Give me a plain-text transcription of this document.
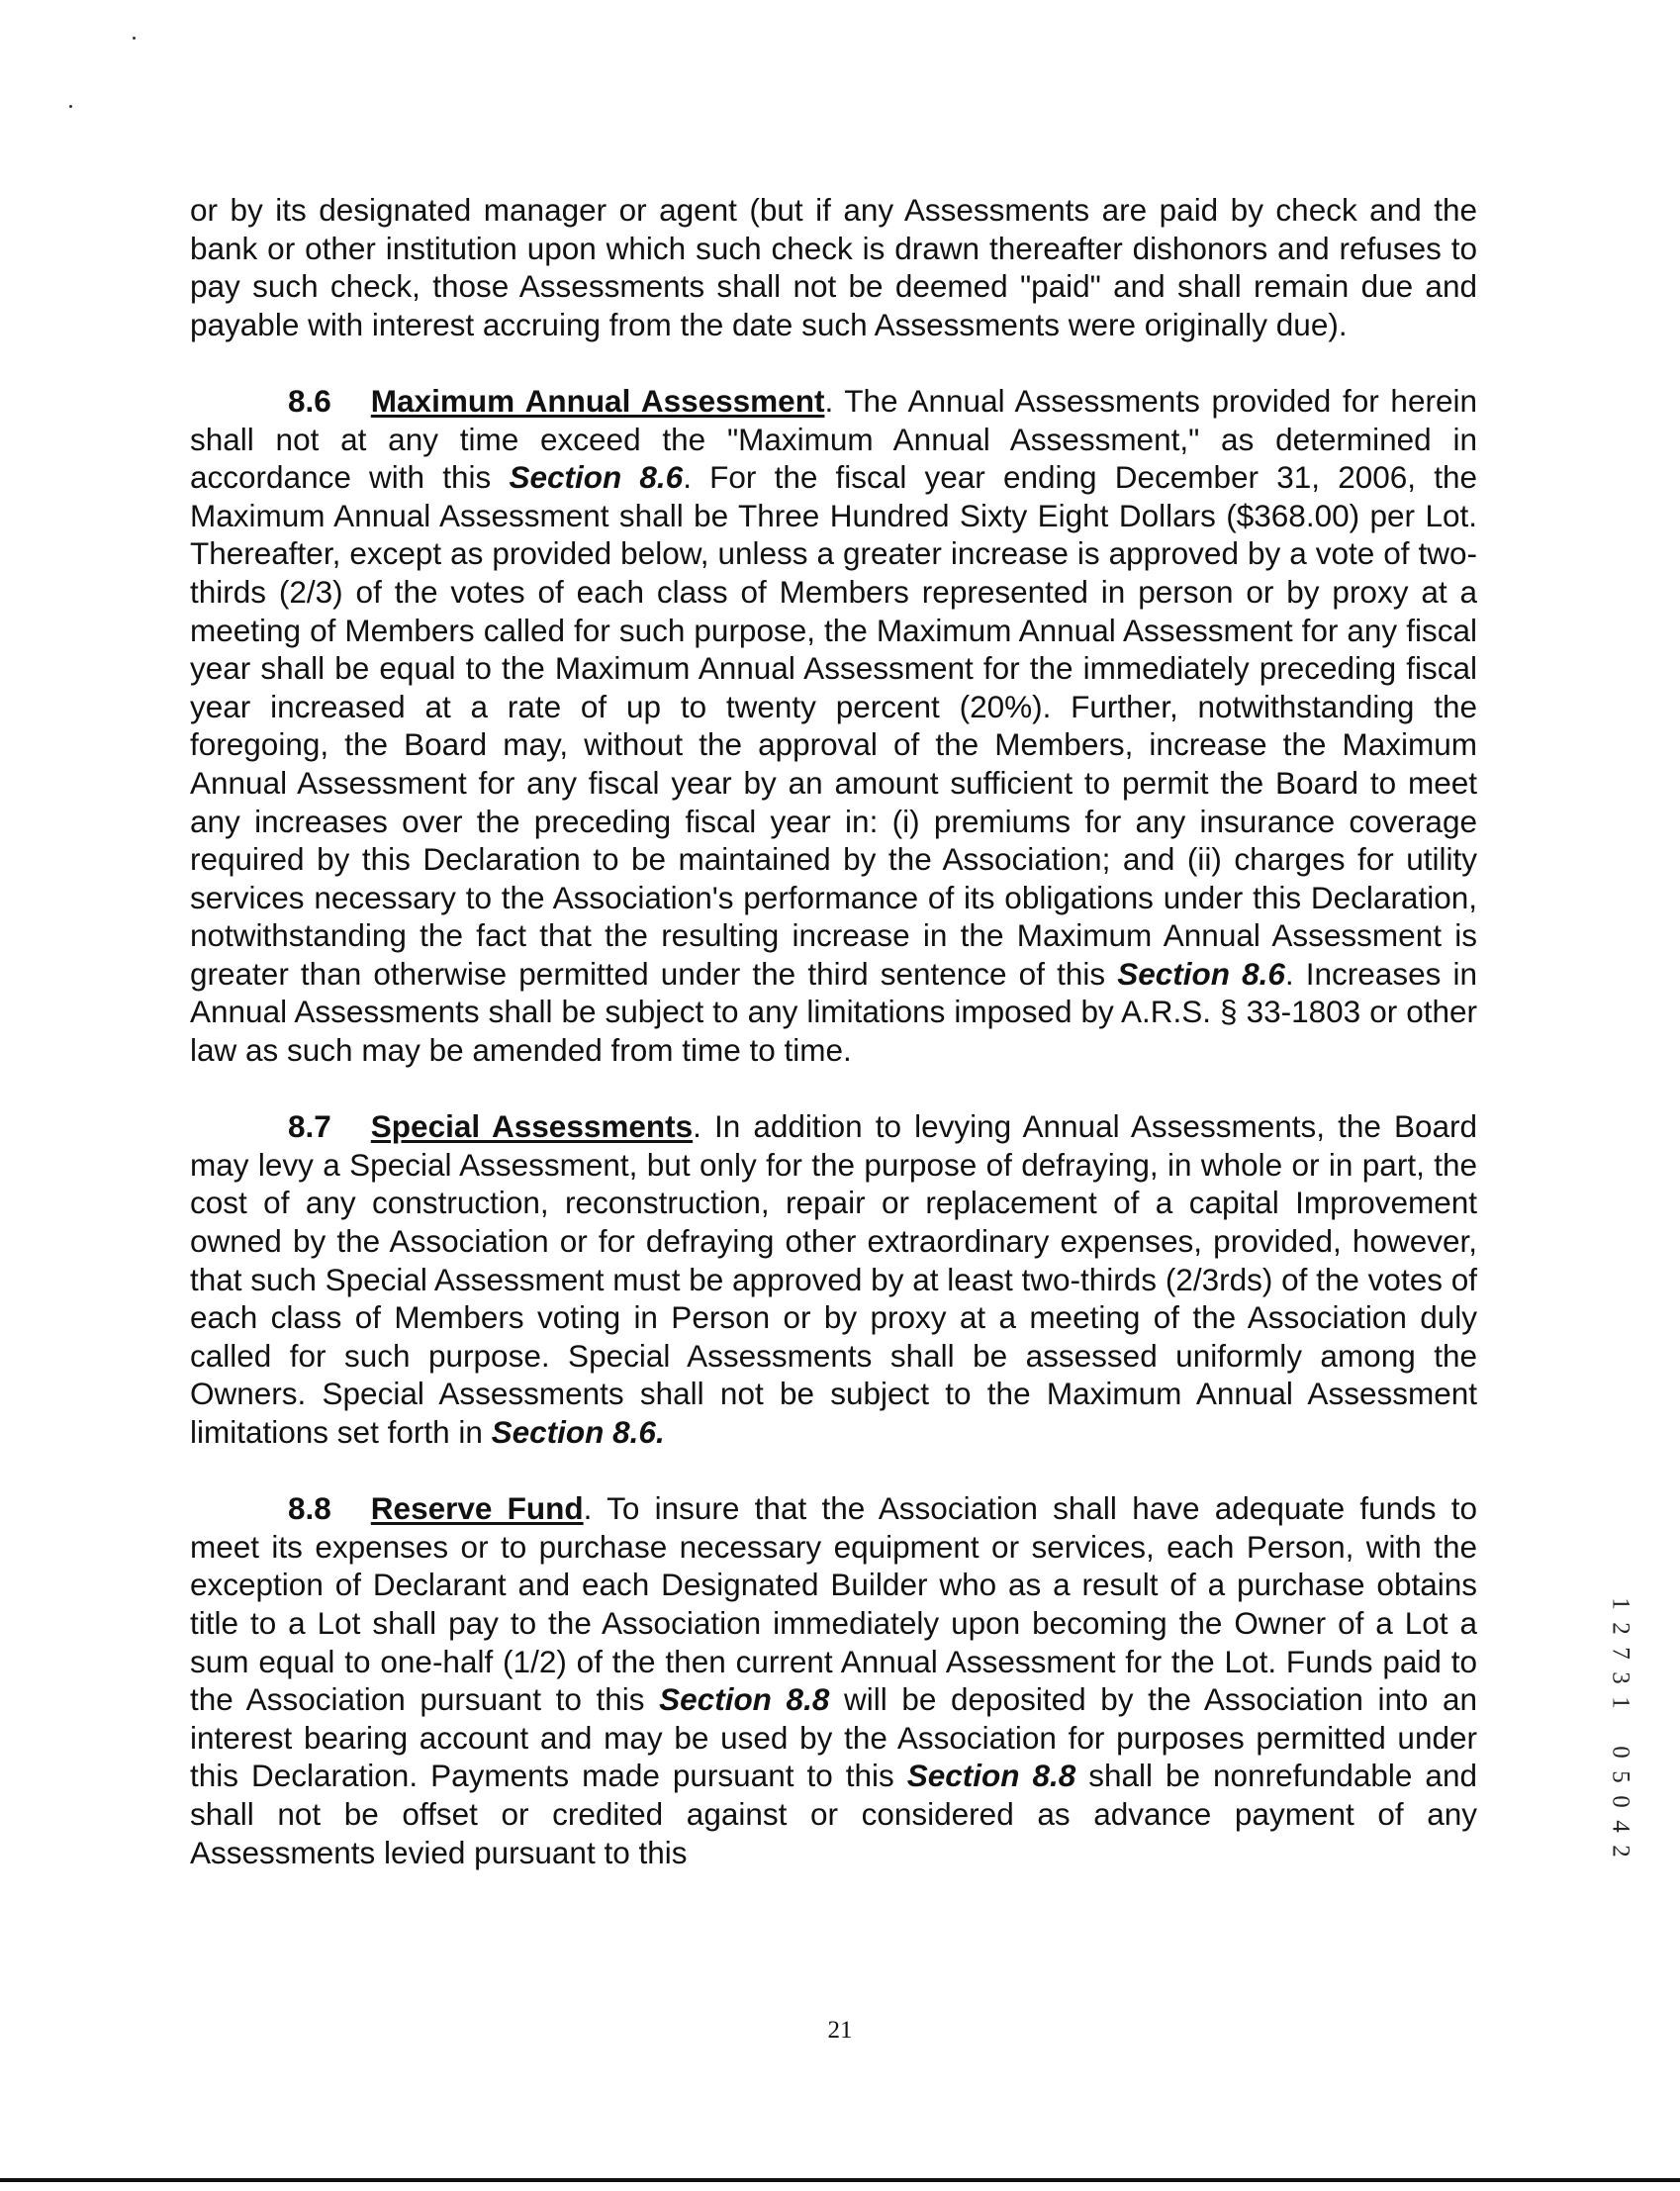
or by its designated manager or agent (but if any Assessments are paid by check and the bank or other institution upon which such check is drawn thereafter dishonors and refuses to pay such check, those Assessments shall not be deemed "paid" and shall remain due and payable with interest accruing from the date such Assessments were originally due).

8.6 Maximum Annual Assessment. The Annual Assessments provided for herein shall not at any time exceed the "Maximum Annual Assessment," as determined in accordance with this Section 8.6. For the fiscal year ending December 31, 2006, the Maximum Annual Assessment shall be Three Hundred Sixty Eight Dollars ($368.00) per Lot. Thereafter, except as provided below, unless a greater increase is approved by a vote of two-thirds (2/3) of the votes of each class of Members represented in person or by proxy at a meeting of Members called for such purpose, the Maximum Annual Assessment for any fiscal year shall be equal to the Maximum Annual Assessment for the immediately preceding fiscal year increased at a rate of up to twenty percent (20%). Further, notwithstanding the foregoing, the Board may, without the approval of the Members, increase the Maximum Annual Assessment for any fiscal year by an amount sufficient to permit the Board to meet any increases over the preceding fiscal year in: (i) premiums for any insurance coverage required by this Declaration to be maintained by the Association; and (ii) charges for utility services necessary to the Association's performance of its obligations under this Declaration, notwithstanding the fact that the resulting increase in the Maximum Annual Assessment is greater than otherwise permitted under the third sentence of this Section 8.6. Increases in Annual Assessments shall be subject to any limitations imposed by A.R.S. § 33-1803 or other law as such may be amended from time to time.

8.7 Special Assessments. In addition to levying Annual Assessments, the Board may levy a Special Assessment, but only for the purpose of defraying, in whole or in part, the cost of any construction, reconstruction, repair or replacement of a capital Improvement owned by the Association or for defraying other extraordinary expenses, provided, however, that such Special Assessment must be approved by at least two-thirds (2/3rds) of the votes of each class of Members voting in Person or by proxy at a meeting of the Association duly called for such purpose. Special Assessments shall be assessed uniformly among the Owners. Special Assessments shall not be subject to the Maximum Annual Assessment limitations set forth in Section 8.6.

8.8 Reserve Fund. To insure that the Association shall have adequate funds to meet its expenses or to purchase necessary equipment or services, each Person, with the exception of Declarant and each Designated Builder who as a result of a purchase obtains title to a Lot shall pay to the Association immediately upon becoming the Owner of a Lot a sum equal to one-half (1/2) of the then current Annual Assessment for the Lot. Funds paid to the Association pursuant to this Section 8.8 will be deposited by the Association into an interest bearing account and may be used by the Association for purposes permitted under this Declaration. Payments made pursuant to this Section 8.8 shall be nonrefundable and shall not be offset or credited against or considered as advance payment of any Assessments levied pursuant to this

1
2
7
3
1
0
5
0
4
2
21
